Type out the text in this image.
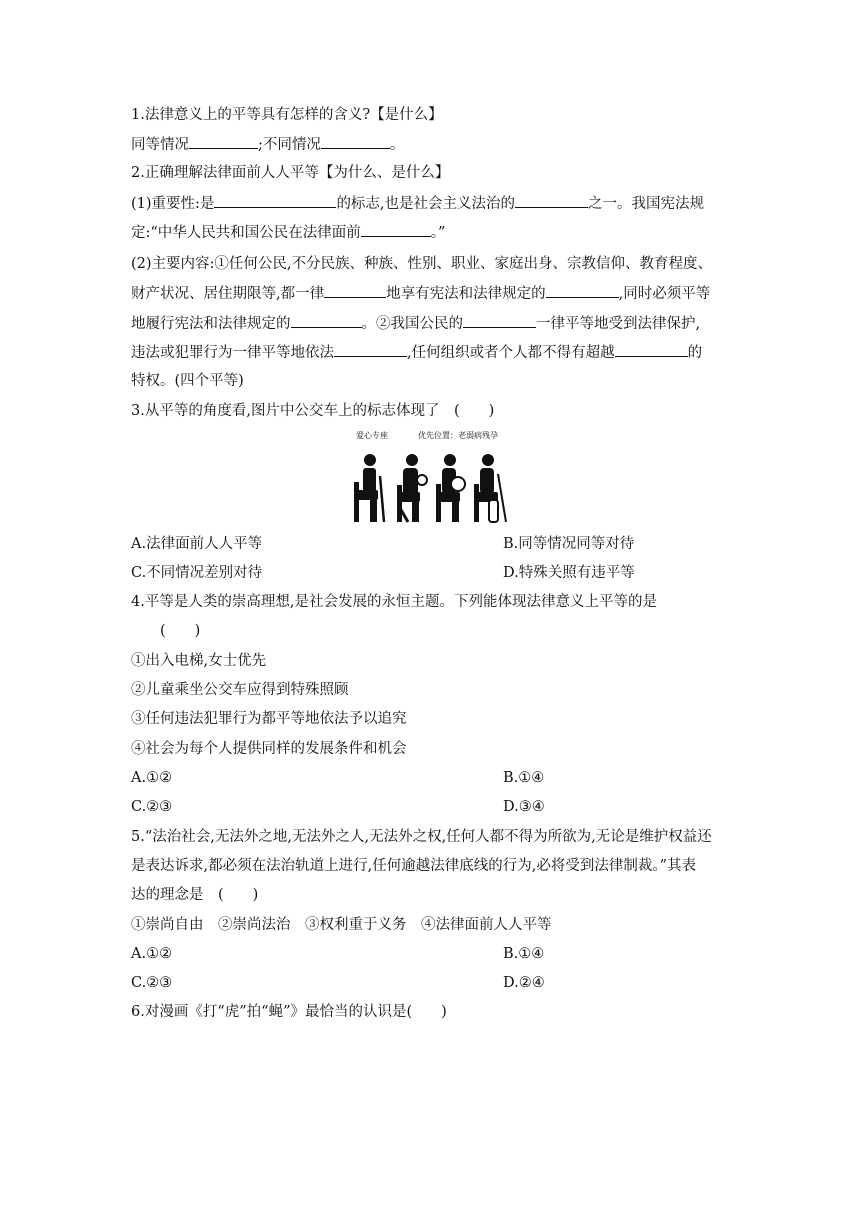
1.法律意义上的平等具有怎样的含义?【是什么】
同等情况	;不同情况	。
2.正确理解法律面前人人平等【为什么、是什么】
(1)重要性:是	的标志,也是社会主义法治的	之一。我国宪法规
定:“中华人民共和国公民在法律面前	。”
(2)主要内容:①任何公民,不分民族、种族、性别、职业、家庭出身、宗教信仰、教育程度、
财产状况、居住期限等,都一律	地享有宪法和法律规定的	,同时必须平等
地履行宪法和法律规定的	。②我国公民的	一律平等地受到法律保护,
违法或犯罪行为一律平等地依法	,任何组织或者个人都不得有超越	的
特权。(四个平等)
3.从平等的角度看,图片中公交车上的标志体现了　(　　)
爱心专座	优先位置：老弱病残孕
A.法律面前人人平等	B.同等情况同等对待
C.不同情况差别对待	D.特殊关照有违平等
4.平等是人类的崇高理想,是社会发展的永恒主题。下列能体现法律意义上平等的是
(　　)
①出入电梯,女士优先
②儿童乘坐公交车应得到特殊照顾
③任何违法犯罪行为都平等地依法予以追究
④社会为每个人提供同样的发展条件和机会
A.①②	B.①④
C.②③	D.③④
5.“法治社会,无法外之地,无法外之人,无法外之权,任何人都不得为所欲为,无论是维护权益还
是表达诉求,都必须在法治轨道上进行,任何逾越法律底线的行为,必将受到法律制裁。”其表
达的理念是　(　　)
①崇尚自由　②崇尚法治　③权利重于义务　④法律面前人人平等
A.①②	B.①④
C.②③	D.②④
6.对漫画《打“虎”拍“蝇”》最恰当的认识是(　　)
